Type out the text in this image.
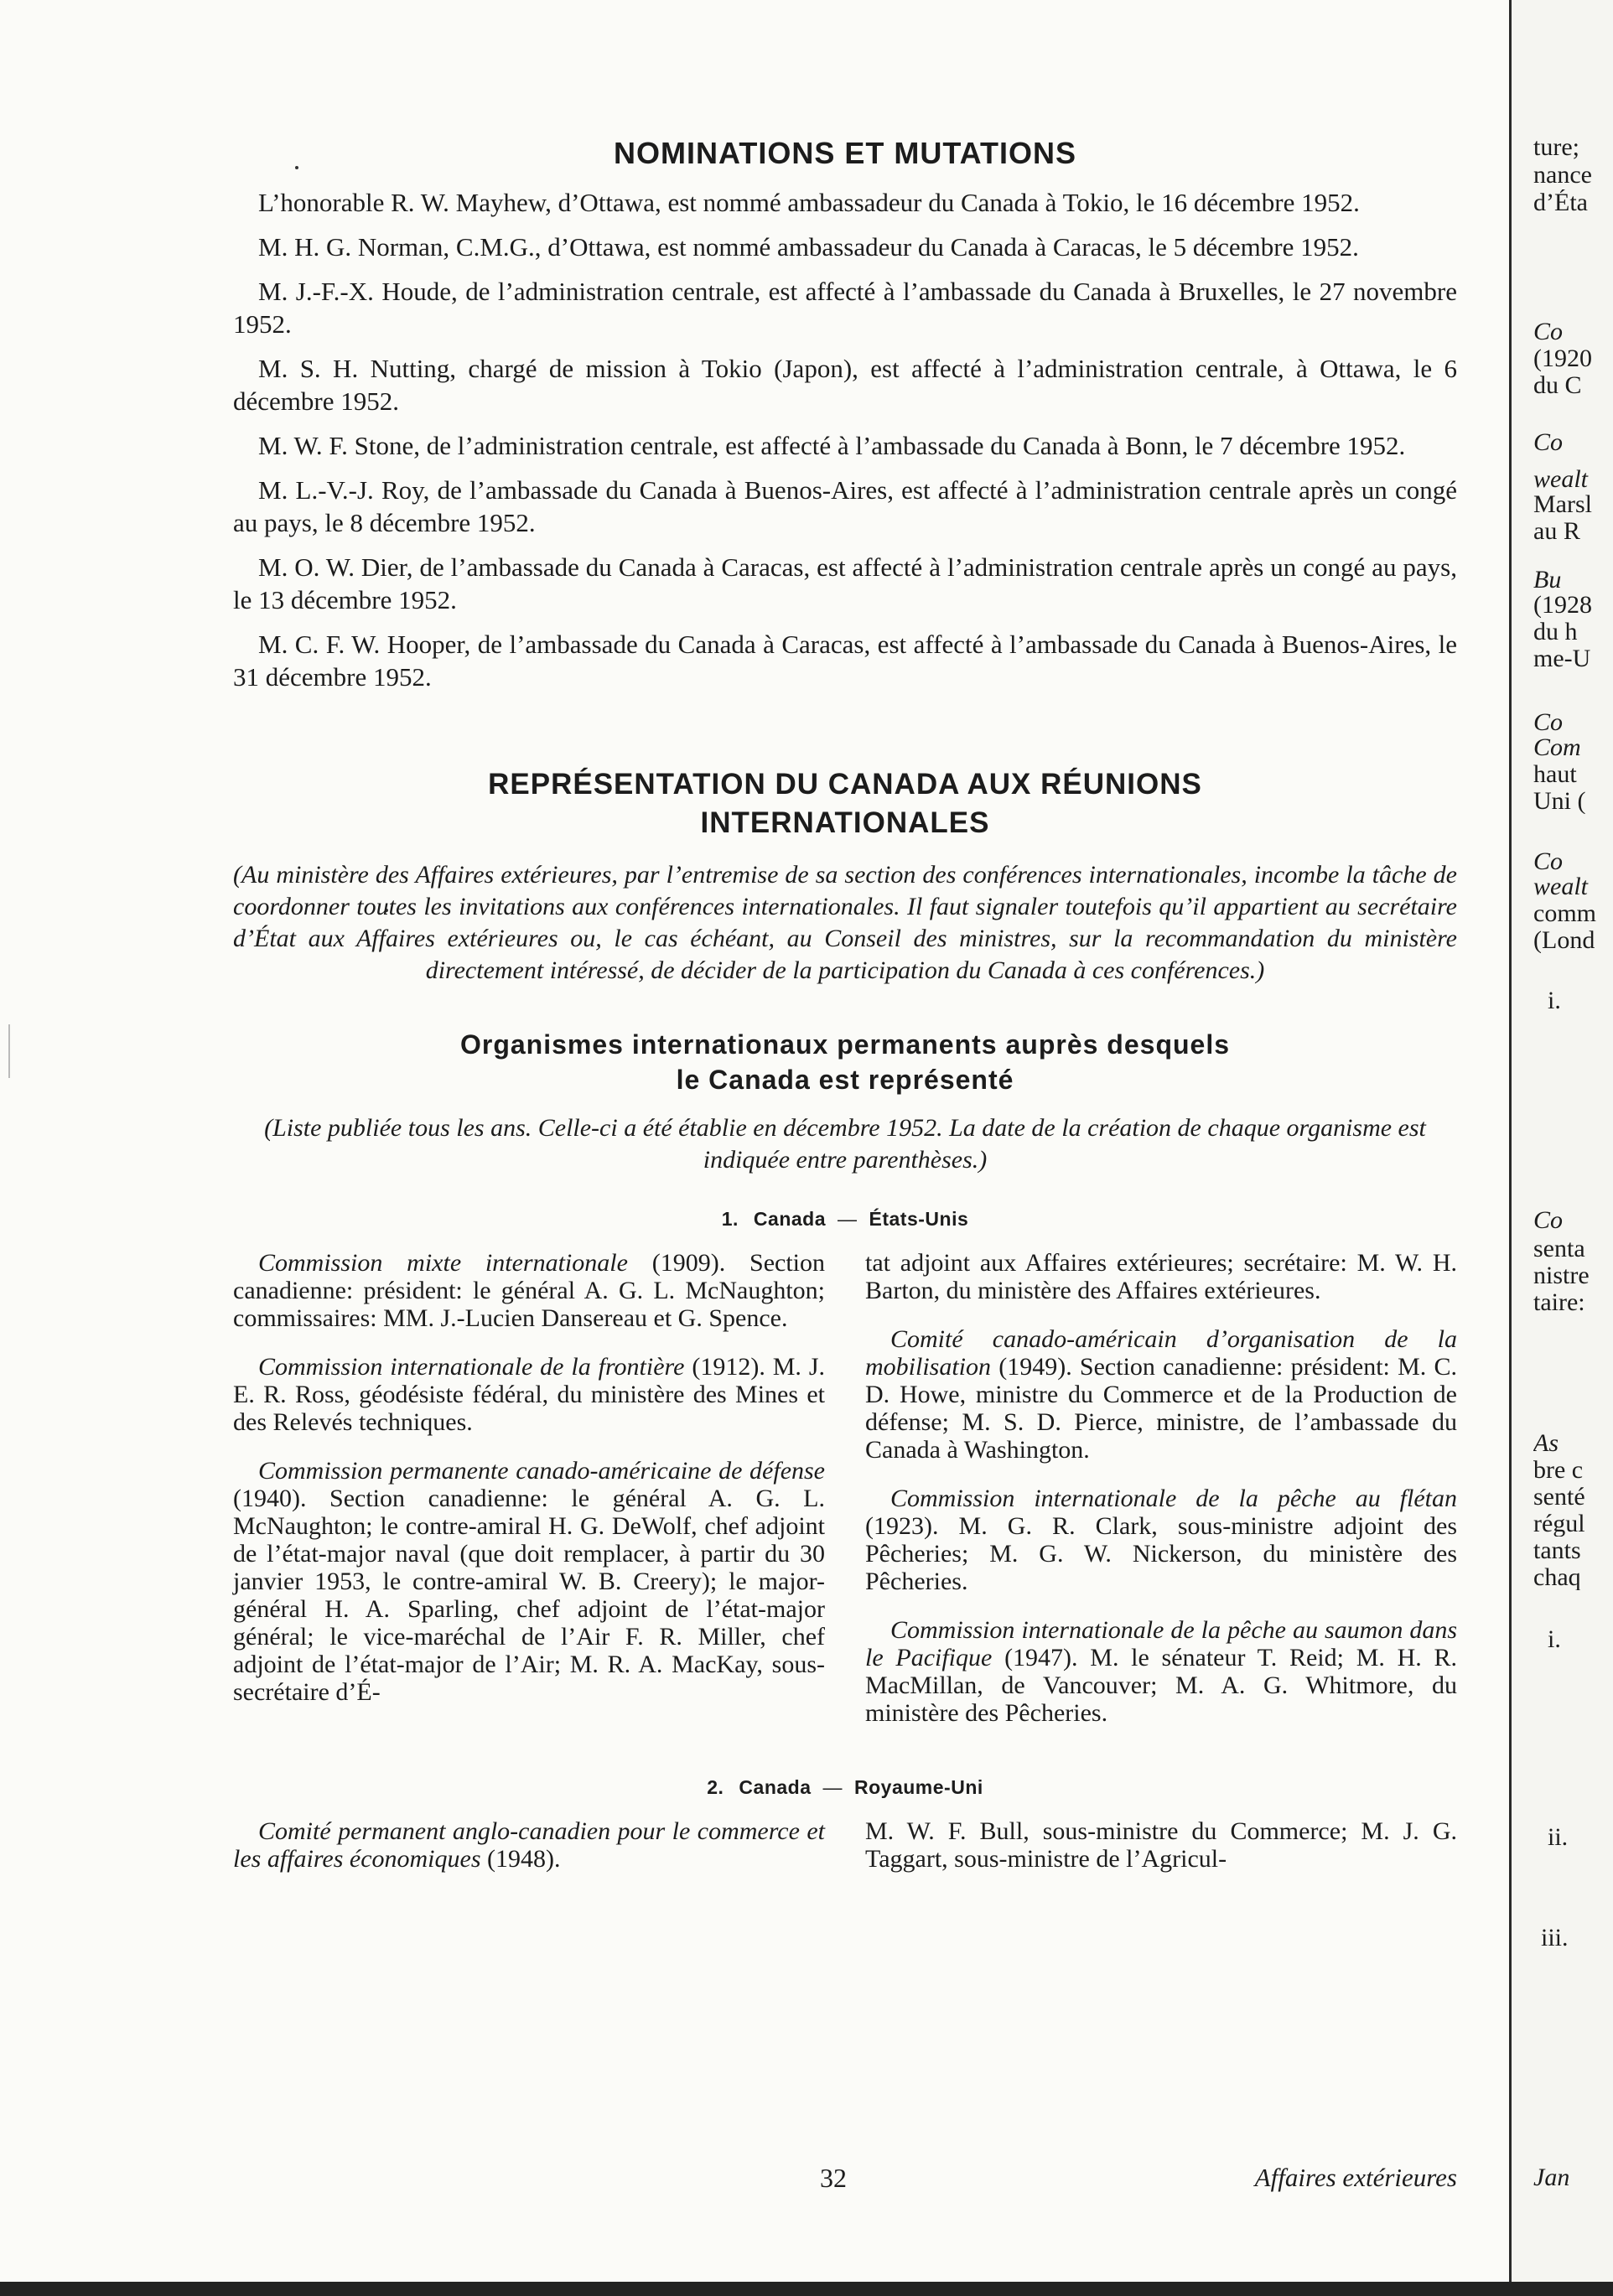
NOMINATIONS ET MUTATIONS

L’honorable R. W. Mayhew, d’Ottawa, est nommé ambassadeur du Canada à Tokio, le 16 décembre 1952.

M. H. G. Norman, C.M.G., d’Ottawa, est nommé ambassadeur du Canada à Caracas, le 5 décembre 1952.

M. J.-F.-X. Houde, de l’administration centrale, est affecté à l’ambassade du Canada à Bruxelles, le 27 novembre 1952.

M. S. H. Nutting, chargé de mission à Tokio (Japon), est affecté à l’administration centrale, à Ottawa, le 6 décembre 1952.

M. W. F. Stone, de l’administration centrale, est affecté à l’ambassade du Canada à Bonn, le 7 décembre 1952.

M. L.-V.-J. Roy, de l’ambassade du Canada à Buenos-Aires, est affecté à l’administration centrale après un congé au pays, le 8 décembre 1952.

M. O. W. Dier, de l’ambassade du Canada à Caracas, est affecté à l’administration centrale après un congé au pays, le 13 décembre 1952.

M. C. F. W. Hooper, de l’ambassade du Canada à Caracas, est affecté à l’ambassade du Canada à Buenos-Aires, le 31 décembre 1952.

REPRÉSENTATION DU CANADA AUX RÉUNIONS
INTERNATIONALES

(Au ministère des Affaires extérieures, par l’entremise de sa section des conférences internationales, incombe la tâche de coordonner toutes les invitations aux conférences internationales. Il faut signaler toutefois qu’il appartient au secrétaire d’État aux Affaires extérieures ou, le cas échéant, au Conseil des ministres, sur la recommandation du ministère directement intéressé, de décider de la participation du Canada à ces conférences.)

Organismes internationaux permanents auprès desquels
le Canada est représenté

(Liste publiée tous les ans. Celle-ci a été établie en décembre 1952. La date de la création de chaque organisme est indiquée entre parenthèses.)

1. Canada — États-Unis

Commission mixte internationale (1909). Section canadienne: président: le général A. G. L. McNaughton; commissaires: MM. J.-Lucien Dansereau et G. Spence.

Commission internationale de la frontière (1912). M. J. E. R. Ross, géodésiste fédéral, du ministère des Mines et des Relevés techniques.

Commission permanente canado-américaine de défense (1940). Section canadienne: le général A. G. L. McNaughton; le contre-amiral H. G. DeWolf, chef adjoint de l’état-major naval (que doit remplacer, à partir du 30 janvier 1953, le contre-amiral W. B. Creery); le major-général H. A. Sparling, chef adjoint de l’état-major général; le vice-maréchal de l’Air F. R. Miller, chef adjoint de l’état-major de l’Air; M. R. A. MacKay, sous-secrétaire d’É-

tat adjoint aux Affaires extérieures; secrétaire: M. W. H. Barton, du ministère des Affaires extérieures.

Comité canado-américain d’organisation de la mobilisation (1949). Section canadienne: président: M. C. D. Howe, ministre du Commerce et de la Production de défense; M. S. D. Pierce, ministre, de l’ambassade du Canada à Washington.

Commission internationale de la pêche au flétan (1923). M. G. R. Clark, sous-ministre adjoint des Pêcheries; M. G. W. Nickerson, du ministère des Pêcheries.

Commission internationale de la pêche au saumon dans le Pacifique (1947). M. le sénateur T. Reid; M. H. R. MacMillan, de Vancouver; M. A. G. Whitmore, du ministère des Pêcheries.

2. Canada — Royaume-Uni

Comité permanent anglo-canadien pour le commerce et les affaires économiques (1948).

M. W. F. Bull, sous-ministre du Commerce; M. J. G. Taggart, sous-ministre de l’Agricul-

32	Affaires extérieures
ture;
nance
d’Éta
Co
(1920
du C
Co
wealt
Marsl
au R
Bu
(1928
du h
me-U
Co
Com
haut
Uni (
Co
wealt
comm
(Lond
i.
Co
senta
nistre
taire:
As
bre c
senté
régul
tants
chaq
i.
ii.
iii.
Jan
